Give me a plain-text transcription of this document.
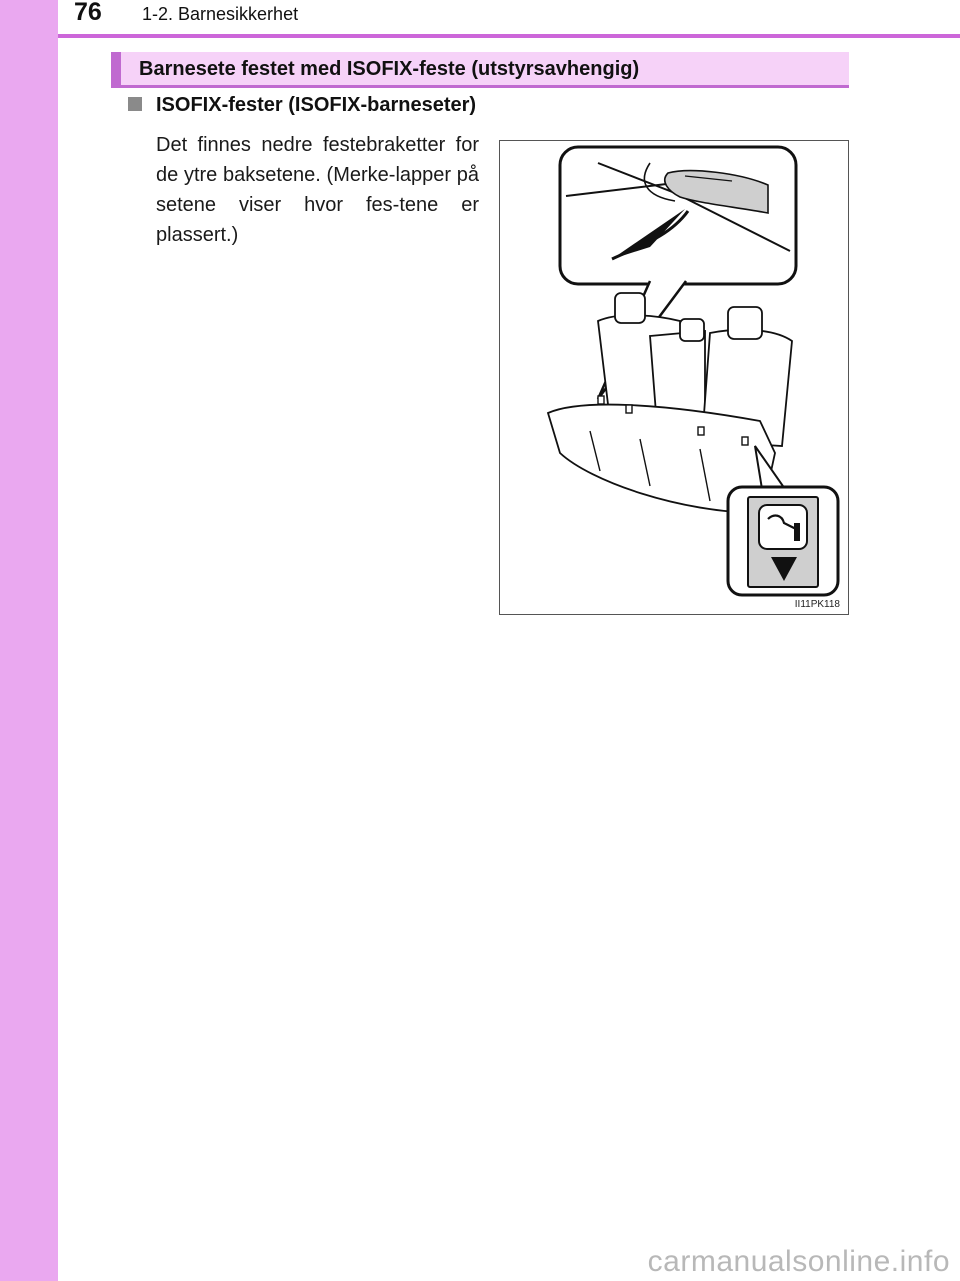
76 1-2. Barnesikkerhet
Barnesete festet med ISOFIX-feste (utstyrsavhengig)
ISOFIX-fester (ISOFIX-barneseter)
Det finnes nedre festebraketter for de ytre baksetene. (Merke-lapper på setene viser hvor fes-tene er plassert.)
II11PK118
carmanualsonline.info
